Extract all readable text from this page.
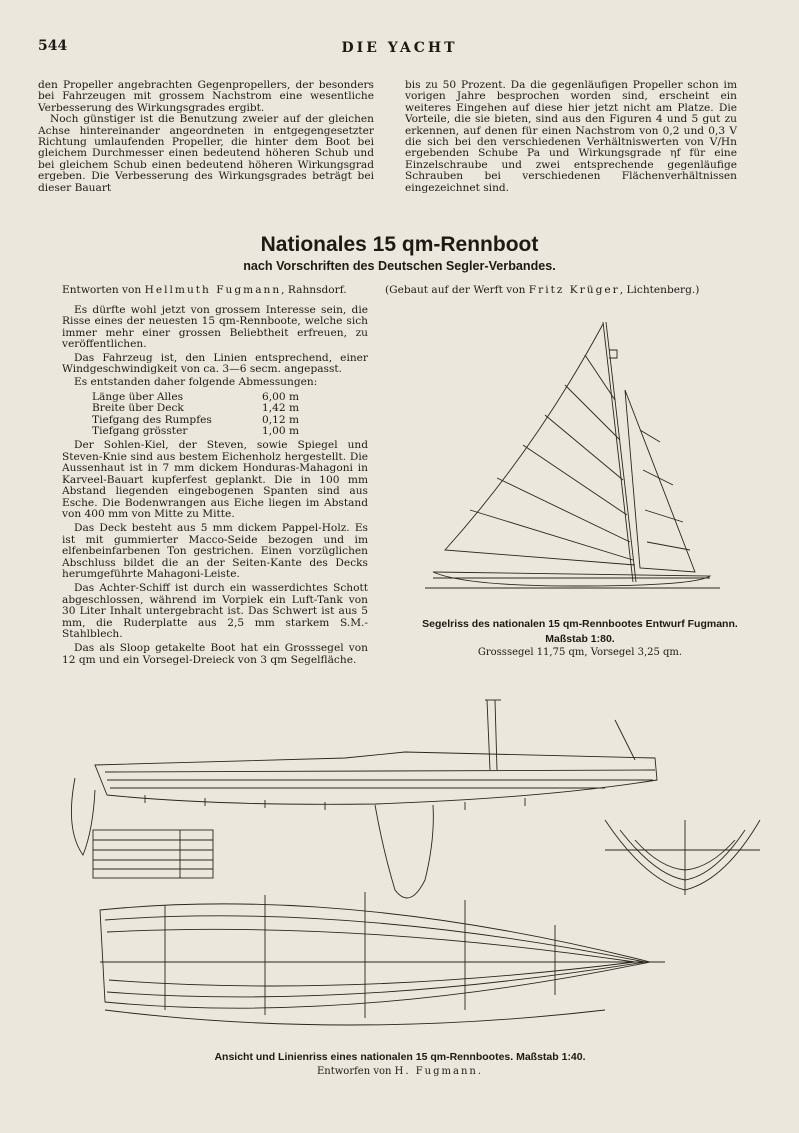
544	DIE YACHT

den Propeller angebrachten Gegenpropellers, der besonders bei Fahrzeugen mit grossem Nachstrom eine wesentliche Verbesserung des Wirkungsgrades ergibt.

Noch günstiger ist die Benutzung zweier auf der gleichen Achse hintereinander angeordneten in entgegengesetzter Richtung umlaufenden Propeller, die hinter dem Boot bei gleichem Durchmesser einen bedeutend höheren Schub und bei gleichem Schub einen bedeutend höheren Wirkungsgrad ergeben. Die Verbesserung des Wirkungsgrades beträgt bei dieser Bauart

bis zu 50 Prozent. Da die gegenläufigen Propeller schon im vorigen Jahre besprochen worden sind, erscheint ein weiteres Eingehen auf diese hier jetzt nicht am Platze. Die Vorteile, die sie bieten, sind aus den Figuren 4 und 5 gut zu erkennen, auf denen für einen Nachstrom von 0,2 und 0,3 V die sich bei den verschiedenen Verhältniswerten von V/Hn ergebenden Schube Pa und Wirkungsgrade ηf für eine Einzelschraube und zwei entsprechende gegenläufige Schrauben bei verschiedenen Flächenverhältnissen eingezeichnet sind.

Nationales 15 qm-Rennboot
nach Vorschriften des Deutschen Segler-Verbandes.
Entworten von Hellmuth Fugmann, Rahnsdorf.	(Gebaut auf der Werft von Fritz Krüger, Lichtenberg.)

Es dürfte wohl jetzt von grossem Interesse sein, die Risse eines der neuesten 15 qm-Rennboote, welche sich immer mehr einer grossen Beliebtheit erfreuen, zu veröffentlichen.

Das Fahrzeug ist, den Linien entsprechend, einer Windgeschwindigkeit von ca. 3—6 secm. angepasst.

Es entstanden daher folgende Abmessungen:

Länge über Alles	6,00 m
Breite über Deck	1,42 m
Tiefgang des Rumpfes	0,12 m
Tiefgang grösster	1,00 m

Der Sohlen-Kiel, der Steven, sowie Spiegel und Steven-Knie sind aus bestem Eichenholz hergestellt. Die Aussenhaut ist in 7 mm dickem Honduras-Mahagoni in Karveel-Bauart kupferfest geplankt. Die in 100 mm Abstand liegenden eingebogenen Spanten sind aus Esche. Die Bodenwrangen aus Eiche liegen im Abstand von 400 mm von Mitte zu Mitte.

Das Deck besteht aus 5 mm dickem Pappel-Holz. Es ist mit gummierter Macco-Seide bezogen und im elfenbeinfarbenen Ton gestrichen. Einen vorzüglichen Abschluss bildet die an der Seiten-Kante des Decks herumgeführte Mahagoni-Leiste.

Das Achter-Schiff ist durch ein wasserdichtes Schott abgeschlossen, während im Vorpiek ein Luft-Tank von 30 Liter Inhalt untergebracht ist. Das Schwert ist aus 5 mm, die Ruderplatte aus 2,5 mm starkem S.M.-Stahlblech.

Das als Sloop getakelte Boot hat ein Grosssegel von 12 qm und ein Vorsegel-Dreieck von 3 qm Segelfläche.

Segelriss des nationalen 15 qm-Rennbootes Entwurf Fugmann.
Maßstab 1:80.
Grosssegel 11,75 qm, Vorsegel 3,25 qm.
Ansicht und Linienriss eines nationalen 15 qm-Rennbootes. Maßstab 1:40.
Entworfen von H. Fugmann.
